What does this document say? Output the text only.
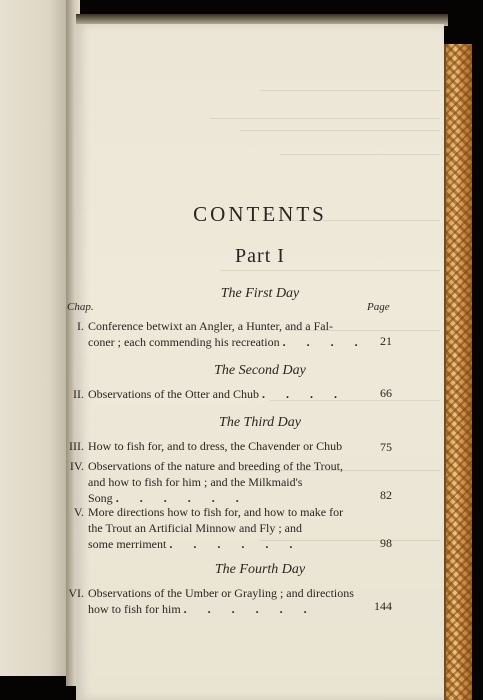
CONTENTS
Part I
The First Day
Chap.	Page
I. Conference betwixt an Angler, a Hunter, and a Fal-
coner ; each commending his recreation . . . .	21
The Second Day
II. Observations of the Otter and Chub . . . .	66
The Third Day
III. How to fish for, and to dress, the Chavender or Chub	75
IV. Observations of the nature and breeding of the Trout,
and how to fish for him ; and the Milkmaid's
Song . . . . . .	82
V. More directions how to fish for, and how to make for
the Trout an Artificial Minnow and Fly ; and
some merriment . . . . . .	98
The Fourth Day
VI. Observations of the Umber or Grayling ; and directions
how to fish for him . . . . . .	144
